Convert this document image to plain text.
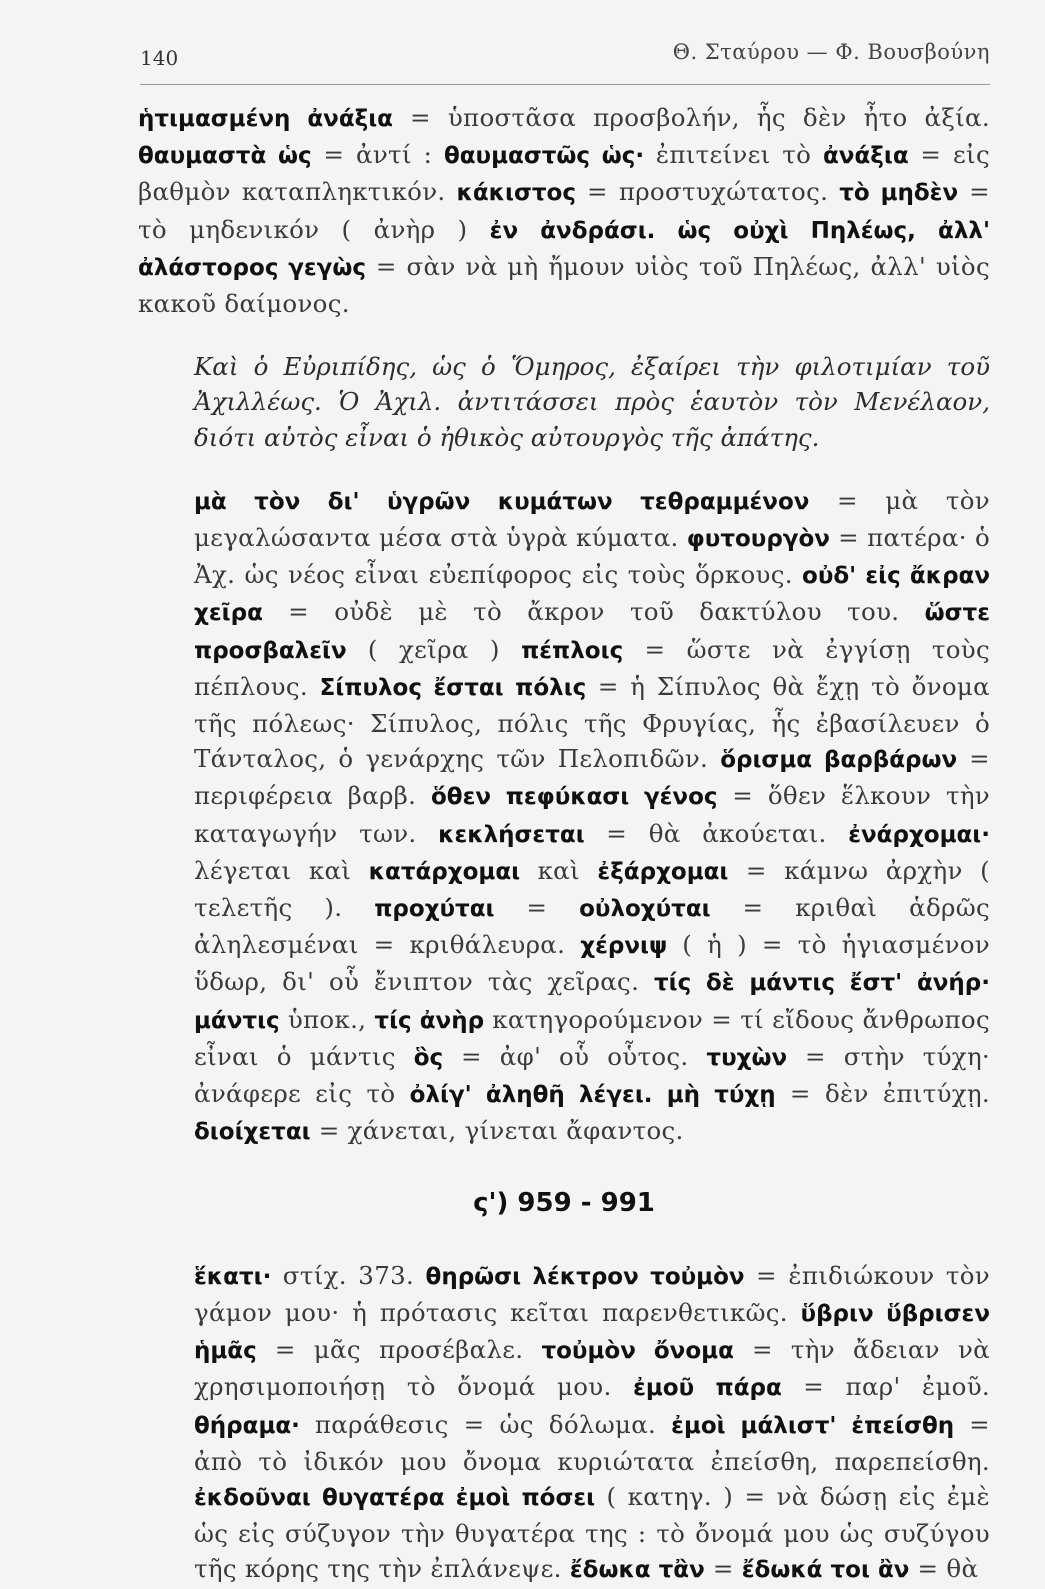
140	Θ. Σταύρου — Φ. Βουσβούνη

ἡτιμασμένη ἀνάξια = ὑποστᾶσα προσβολήν, ἧς δὲν ἦτο ἀξία. θαυμαστὰ ὡς = ἀντί : θαυμαστῶς ὡς· ἐπιτείνει τὸ ἀνάξια = εἰς βαθμὸν καταπληκτικόν. κάκιστος = προστυχώτατος. τὸ μηδὲν = τὸ μηδενικόν ( ἀνὴρ ) ἐν ἀνδράσι. ὡς οὐχὶ Πηλέως, ἀλλ' ἀλάστορος γεγὼς = σὰν νὰ μὴ ἤμουν υἱὸς τοῦ Πηλέως, ἀλλ' υἱὸς κακοῦ δαίμονος.

Καὶ ὁ Εὐριπίδης, ὡς ὁ Ὅμηρος, ἐξαίρει τὴν φιλοτιμίαν τοῦ Ἀχιλλέως. Ὁ Ἀχιλ. ἀντιτάσσει πρὸς ἑαυτὸν τὸν Μενέλαον, διότι αὐτὸς εἶναι ὁ ἠθικὸς αὐτουργὸς τῆς ἀπάτης.

μὰ τὸν δι' ὑγρῶν κυμάτων τεθραμμένον = μὰ τὸν μεγαλώσαντα μέσα στὰ ὑγρὰ κύματα. φυτουργὸν = πατέρα· ὁ Ἀχ. ὡς νέος εἶναι εὐεπίφορος εἰς τοὺς ὅρκους. οὐδ' εἰς ἄκραν χεῖρα = οὐδὲ μὲ τὸ ἄκρον τοῦ δακτύλου του. ὥστε προσβαλεῖν ( χεῖρα ) πέπλοις = ὥστε νὰ ἐγγίσῃ τοὺς πέπλους. Σίπυλος ἔσται πόλις = ἡ Σίπυλος θὰ ἔχῃ τὸ ὄνομα τῆς πόλεως· Σίπυλος, πόλις τῆς Φρυγίας, ἧς ἐβασίλευεν ὁ Τάνταλος, ὁ γενάρχης τῶν Πελοπιδῶν. ὅρισμα βαρβάρων = περιφέρεια βαρβ. ὅθεν πεφύκασι γένος = ὅθεν ἕλκουν τὴν καταγωγήν των. κεκλήσεται = θὰ ἀκούεται. ἐνάρχομαι· λέγεται καὶ κατάρχομαι καὶ ἐξάρχομαι = κάμνω ἀρχὴν ( τελετῆς ). προχύται = οὐλοχύται = κριθαὶ ἁδρῶς ἀληλεσμέναι = κριθάλευρα. χέρνιψ ( ἡ ) = τὸ ἡγιασμένον ὕδωρ, δι' οὗ ἔνιπτον τὰς χεῖρας. τίς δὲ μάντις ἔστ' ἀνήρ· μάντις ὑποκ., τίς ἀνὴρ κατηγορούμενον = τί εἴδους ἄνθρωπος εἶναι ὁ μάντις ὃς = ἀφ' οὗ οὗτος. τυχὼν = στὴν τύχη· ἀνάφερε εἰς τὸ ὀλίγ' ἀληθῆ λέγει. μὴ τύχῃ = δὲν ἐπιτύχῃ. διοίχεται = χάνεται, γίνεται ἄφαντος.

ς') 959 - 991

ἕκατι· στίχ. 373. θηρῶσι λέκτρον τοὐμὸν = ἐπιδιώκουν τὸν γάμον μου· ἡ πρότασις κεῖται παρενθετικῶς. ὕβριν ὕβρισεν ἡμᾶς = μᾶς προσέβαλε. τοὐμὸν ὄνομα = τὴν ἄδειαν νὰ χρησιμοποιήσῃ τὸ ὄνομά μου. ἐμοῦ πάρα = παρ' ἐμοῦ. θήραμα· παράθεσις = ὡς δόλωμα. ἐμοὶ μάλιστ' ἐπείσθη = ἀπὸ τὸ ἰδικόν μου ὄνομα κυριώτατα ἐπείσθη, παρεπείσθη. ἐκδοῦναι θυγατέρα ἐμοὶ πόσει ( κατηγ. ) = νὰ δώσῃ εἰς ἐμὲ ὡς εἰς σύζυγον τὴν θυγατέρα της : τὸ ὄνομά μου ὡς συζύγου τῆς κόρης της τὴν ἐπλάνεψε. ἔδωκα τἂν = ἔδωκά τοι ἂν = θὰ
